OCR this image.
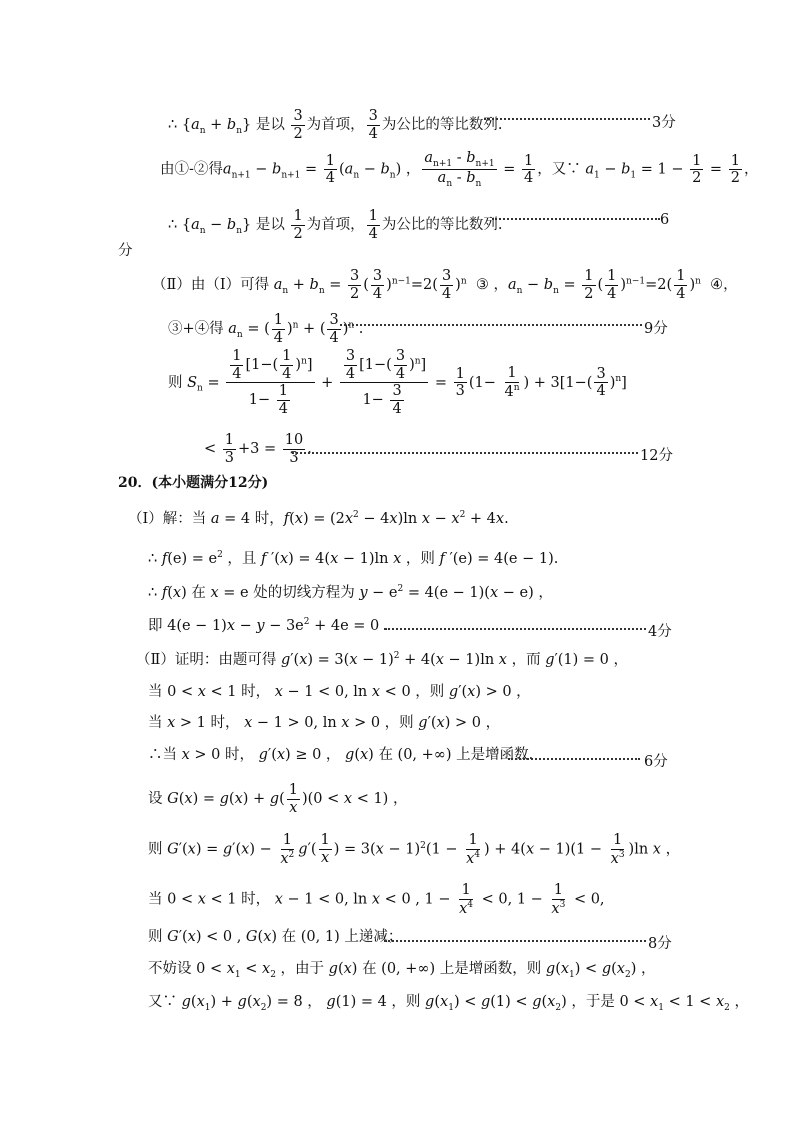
∴ $\{a_n + b_n\}$ 是以 $\frac{3}{2}$ 为首项， $\frac{3}{4}$ 为公比的等比数列.	3分
由①-②得$a_{n+1} - b_{n+1} = \frac{1}{4} (a_n - b_n)$ ， $\frac{a_{n+1} - b_{n+1}}{a_n - b_n} = \frac{1}{4}$ ，又∵ $a_1 - b_1 = 1 - \frac{1}{2} = \frac{1}{2}$ ，
∴ $\{a_n - b_n\}$ 是以 $\frac{1}{2}$ 为首项， $\frac{1}{4}$ 为公比的等比数列.	6
分
（Ⅱ）由（Ⅰ）可得 $a_n + b_n = \frac{3}{2}$ ( $\frac{3}{4} )^{n-1}=2( \frac{3}{4} )^n$  ③ ，$a_n - b_n = \frac{1}{2}$ ( $\frac{1}{4} )^{n-1}=2( \frac{1}{4} )^n$  ④，
③+④得 $a_n$ = ( $\frac{1}{4} )^n$ + ( $\frac{3}{4} )^n$ .	9分
则 $S_n = \frac{\frac{1}{4} [1-( \frac{1}{4} )^n]}{1- \frac{1}{4}} + \frac{\frac{3}{4} [1-( \frac{3}{4} )^n]}{1- \frac{3}{4}} = \frac{1}{3} (1- \frac{1}{4^n}$ ) + $3[1-( \frac{3}{4} )^n]$
< $\frac{1}{3} +3 = \frac{10}{3}$ .	12分
20．(本小题满分12分)
（Ⅰ）解：当 a = 4 时，$f(x) = (2x^2 - 4x)\ln$ $x - x^2 + 4x$.
∴ $f(e) = e^2$ ，且 f ′(x) = 4(x − 1)ln x ，则 f ′(e) = 4(e − 1).
∴ f(x) 在 x = e 处的切线方程为 $y - e^2 = 4(e - 1)(x - e)$ ，
即 $4(e - 1)x - y - 3e^2 + 4e = 0$ .	4分
（Ⅱ）证明：由题可得 $g'(x) = 3(x - 1)^2 + 4(x - 1)\ln$ x ，而 g′(1) = 0 ，
当 0 < x < 1 时， x − 1 < 0, ln x < 0 ，则 g′(x) > 0 ，
当 x > 1 时， x − 1 > 0, ln x > 0 ，则 g′(x) > 0 ，
∴当 x > 0 时， g′(x) ≥ 0 ， g(x) 在 (0, +∞) 上是增函数.	6分
设 $G(x) = g(x) + g( \frac{1}{x} )(0 < x < 1)$ ，
则 $G'(x) = g'(x) - \frac{1}{x^2} g'( \frac{1}{x}$ ) = $3(x - 1)^2(1 - \frac{1}{x^4}$ ) + $4(x - 1)(1 - \frac{1}{x^3} )\ln$ x ，
当 0 < x < 1 时， x − 1 < 0, ln x < 0 , $1 - \frac{1}{x^4} < 0$, $1 - \frac{1}{x^3} < 0$,
则 G′(x) < 0 , G(x) 在 (0, 1) 上递减；	8分
不妨设 $0 < x_1 < x_2$ ，由于 g(x) 在 (0, +∞) 上是增函数，则 $g(x_1) < g(x_2)$ ，
又∵ $g(x_1) + g(x_2) = 8$ ， g(1) = 4 ，则 $g(x_1) < g(1) < g(x_2)$ ，于是 $0 < x_1 < 1 < x_2$ ，
